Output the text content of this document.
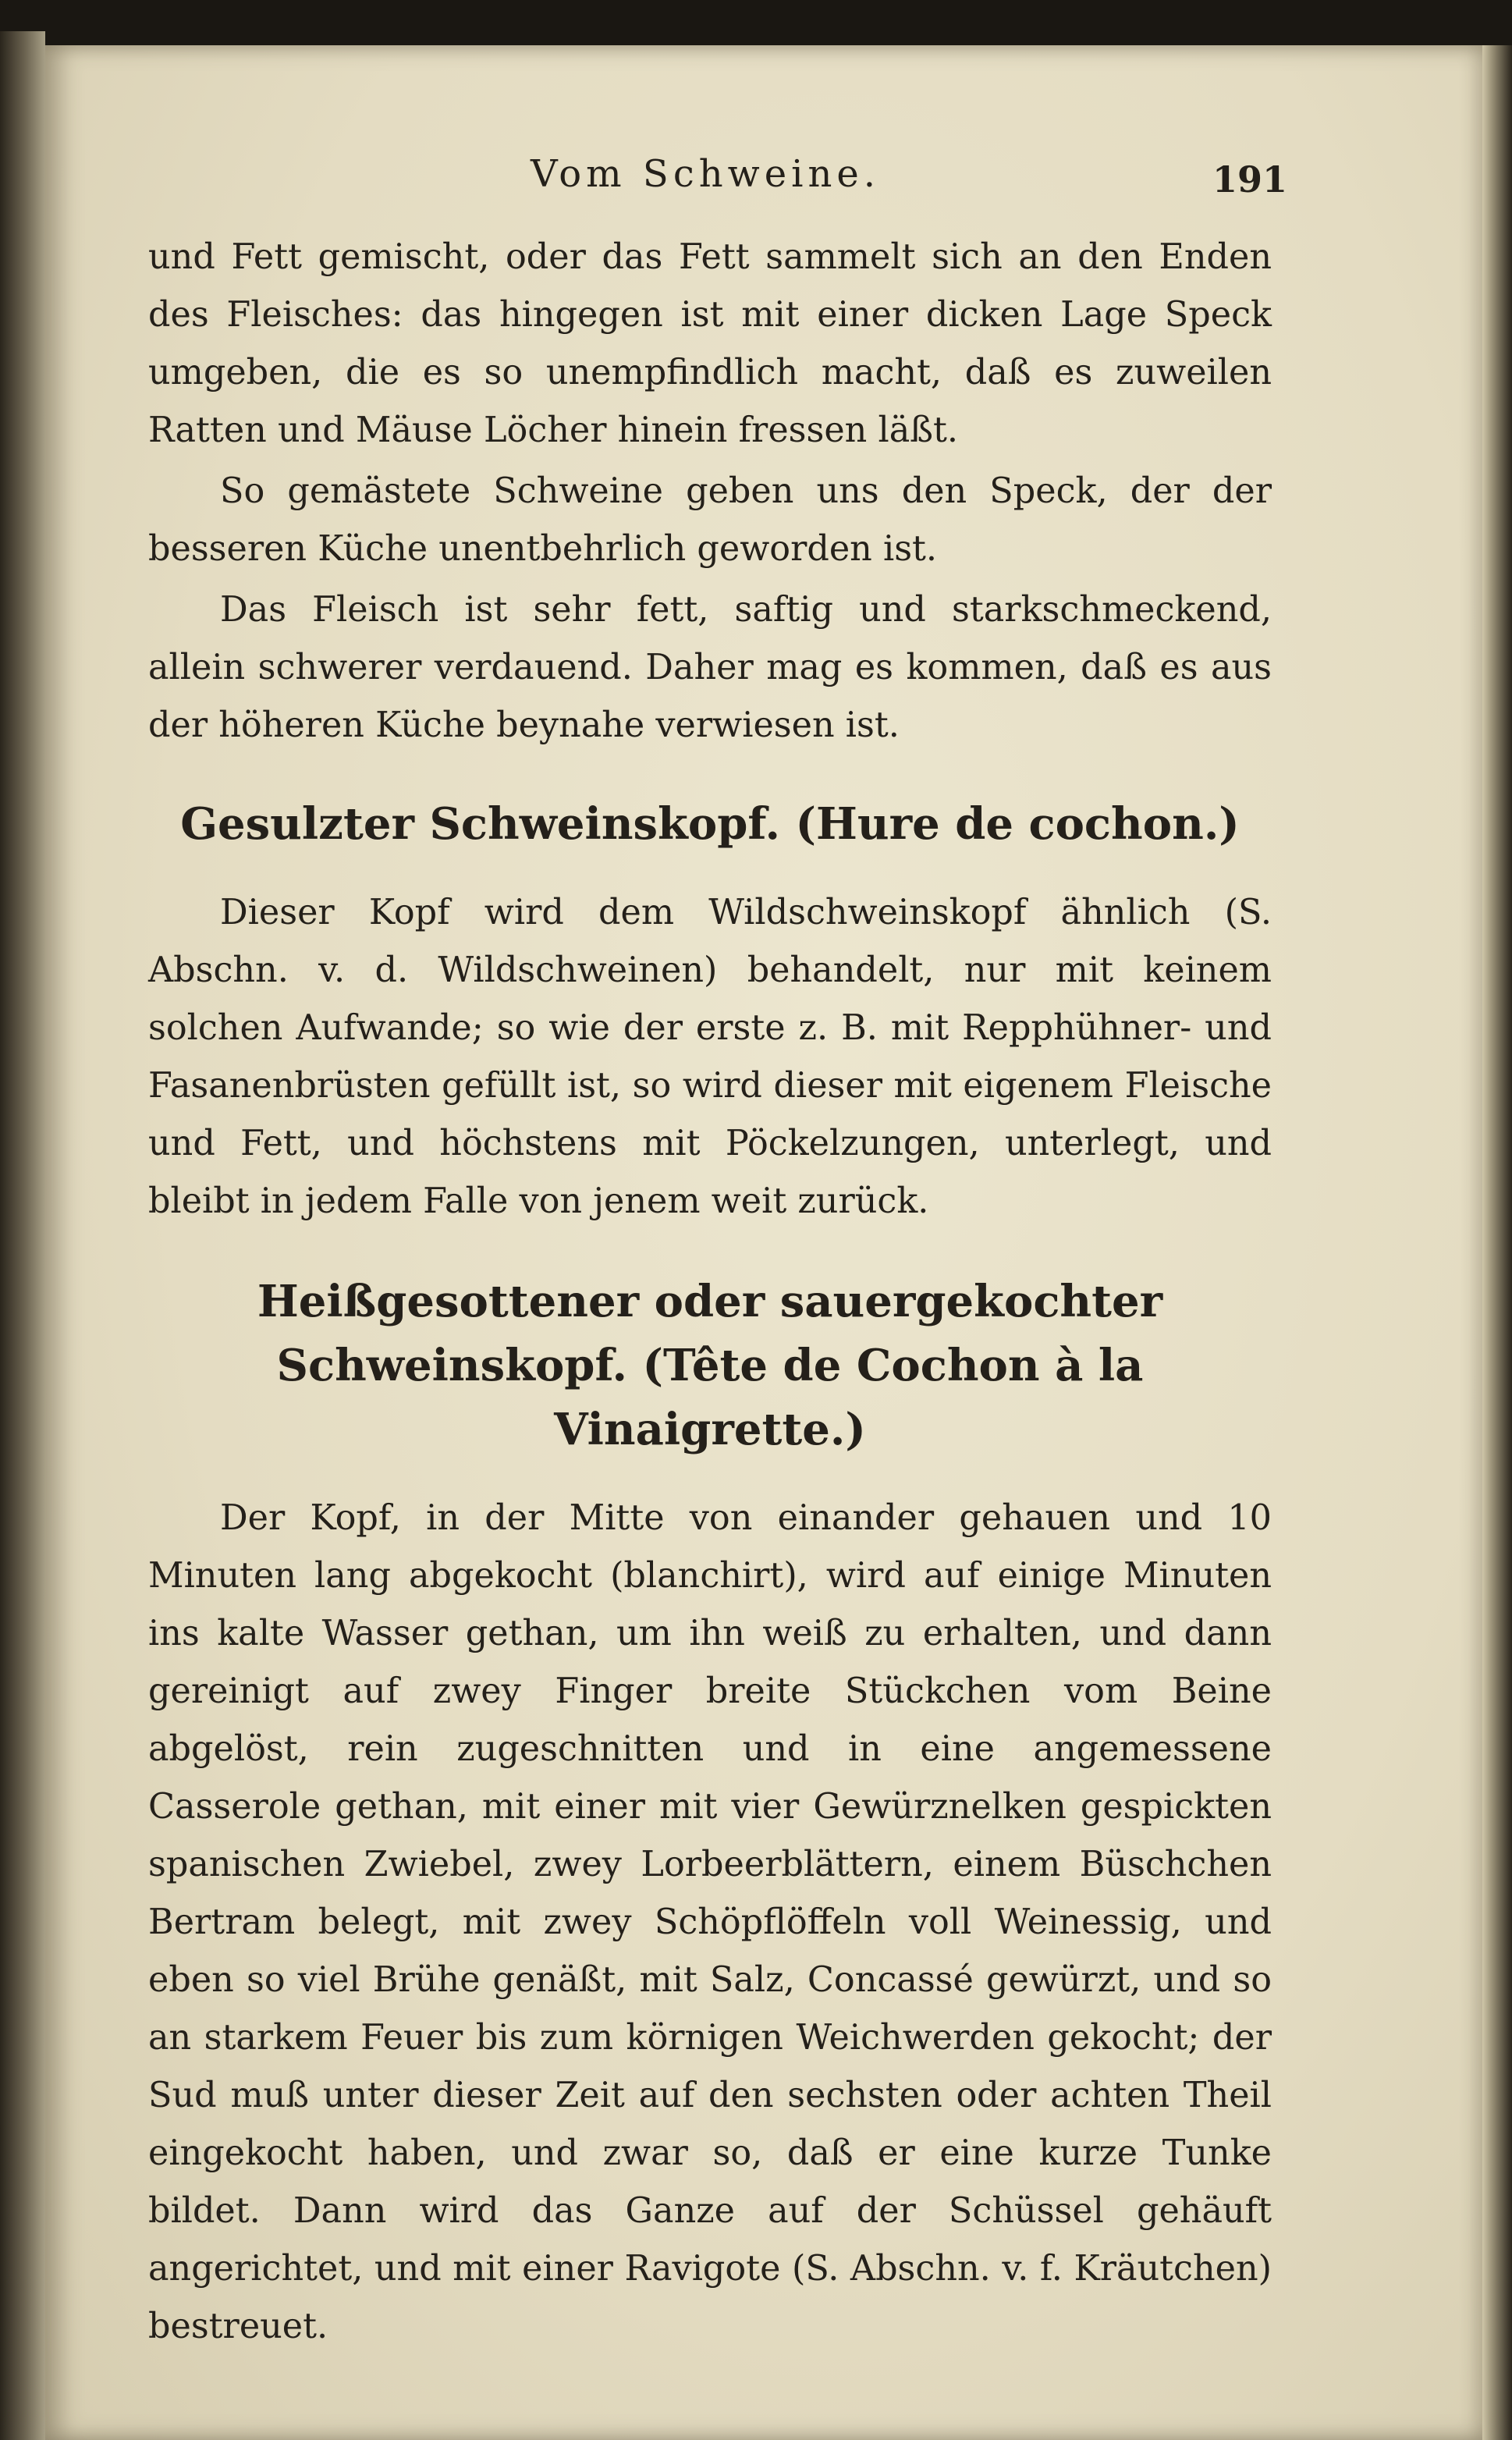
Vom Schweine.	191

und Fett gemischt, oder das Fett sammelt sich an den Enden des Fleisches: das hingegen ist mit einer dicken Lage Speck umgeben, die es so unempfindlich macht, daß es zuweilen Ratten und Mäuse Löcher hinein fressen läßt.

So gemästete Schweine geben uns den Speck, der der besseren Küche unentbehrlich geworden ist.

Das Fleisch ist sehr fett, saftig und starkschmeckend, allein schwerer verdauend. Daher mag es kommen, daß es aus der höheren Küche beynahe verwiesen ist.

Gesulzter Schweinskopf. (Hure de cochon.)

Dieser Kopf wird dem Wildschweinskopf ähnlich (S. Abschn. v. d. Wildschweinen) behandelt, nur mit keinem solchen Aufwande; so wie der erste z. B. mit Repphühner- und Fasanenbrüsten gefüllt ist, so wird dieser mit eigenem Fleische und Fett, und höchstens mit Pöckelzungen, unterlegt, und bleibt in jedem Falle von jenem weit zurück.

Heißgesottener oder sauergekochter Schweinskopf. (Tête de Cochon à la Vinaigrette.)

Der Kopf, in der Mitte von einander gehauen und 10 Minuten lang abgekocht (blanchirt), wird auf einige Minuten ins kalte Wasser gethan, um ihn weiß zu erhalten, und dann gereinigt auf zwey Finger breite Stückchen vom Beine abgelöst, rein zugeschnitten und in eine angemessene Casserole gethan, mit einer mit vier Gewürznelken gespickten spanischen Zwiebel, zwey Lorbeerblättern, einem Büschchen Bertram belegt, mit zwey Schöpflöffeln voll Weinessig, und eben so viel Brühe genäßt, mit Salz, Concassé gewürzt, und so an starkem Feuer bis zum körnigen Weichwerden gekocht; der Sud muß unter dieser Zeit auf den sechsten oder achten Theil eingekocht haben, und zwar so, daß er eine kurze Tunke bildet. Dann wird das Ganze auf der Schüssel gehäuft angerichtet, und mit einer Ravigote (S. Abschn. v. f. Kräutchen) bestreuet.
